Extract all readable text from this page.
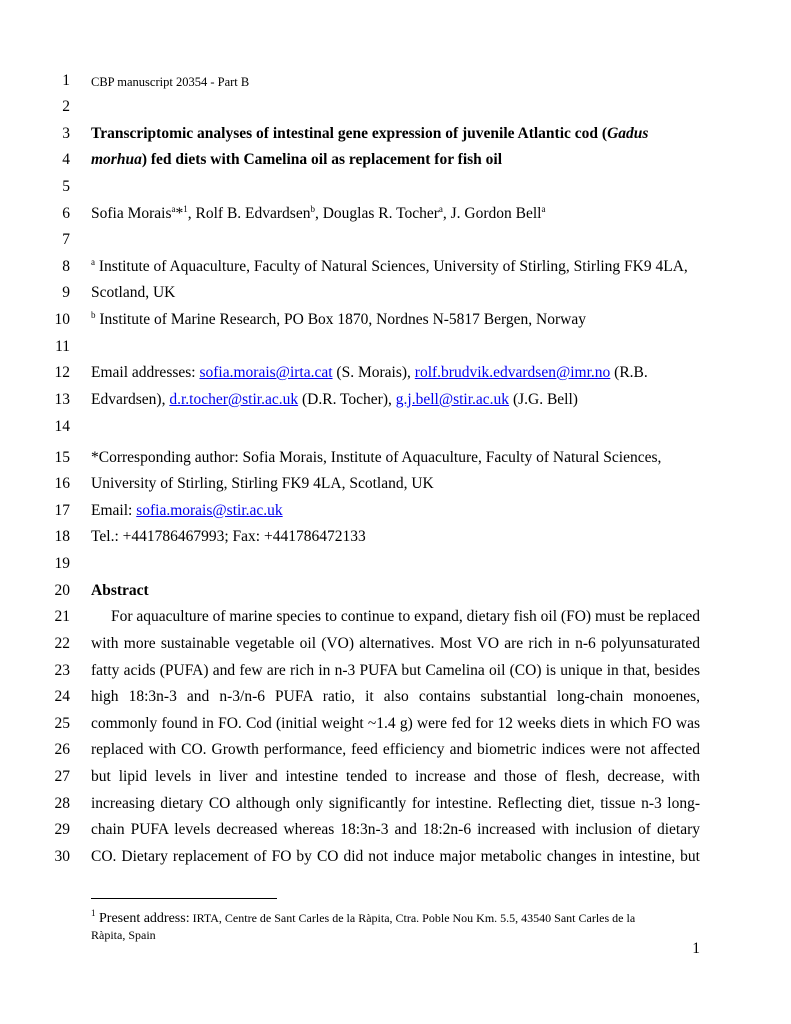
1
2
3
4
5
6
7
8
9
10
11
12
13
14
15
16
17
18
19
20
21
22
23
24
25
26
27
28
29
30
CBP manuscript 20354 - Part B
Transcriptomic analyses of intestinal gene expression of juvenile Atlantic cod (Gadus
morhua) fed diets with Camelina oil as replacement for fish oil
Sofia Morais$^a$*$^1$, Rolf B. Edvardsen$^b$, Douglas R. Tocher$^a$, J. Gordon Bell$^a$
$^a$ Institute of Aquaculture, Faculty of Natural Sciences, University of Stirling, Stirling FK9 4LA,
Scotland, UK
$^b$ Institute of Marine Research, PO Box 1870, Nordnes N-5817 Bergen, Norway
Email addresses: sofia.morais@irta.cat (S. Morais), rolf.brudvik.edvardsen@imr.no (R.B.
Edvardsen), d.r.tocher@stir.ac.uk (D.R. Tocher), g.j.bell@stir.ac.uk (J.G. Bell)
*Corresponding author: Sofia Morais, Institute of Aquaculture, Faculty of Natural Sciences,
University of Stirling, Stirling FK9 4LA, Scotland, UK
Email: sofia.morais@stir.ac.uk
Tel.: +441786467993; Fax: +441786472133
Abstract
For aquaculture of marine species to continue to expand, dietary fish oil (FO) must be replaced
with more sustainable vegetable oil (VO) alternatives. Most VO are rich in n-6 polyunsaturated
fatty acids (PUFA) and few are rich in n-3 PUFA but Camelina oil (CO) is unique in that, besides
high 18:3n-3 and n-3/n-6 PUFA ratio, it also contains substantial long-chain monoenes,
commonly found in FO. Cod (initial weight ~1.4 g) were fed for 12 weeks diets in which FO was
replaced with CO. Growth performance, feed efficiency and biometric indices were not affected
but lipid levels in liver and intestine tended to increase and those of flesh, decrease, with
increasing dietary CO although only significantly for intestine. Reflecting diet, tissue n-3 long-
chain PUFA levels decreased whereas 18:3n-3 and 18:2n-6 increased with inclusion of dietary
CO. Dietary replacement of FO by CO did not induce major metabolic changes in intestine, but
$^1$ Present address: IRTA, Centre de Sant Carles de la Ràpita, Ctra. Poble Nou Km. 5.5, 43540 Sant Carles de la
Ràpita, Spain
1
